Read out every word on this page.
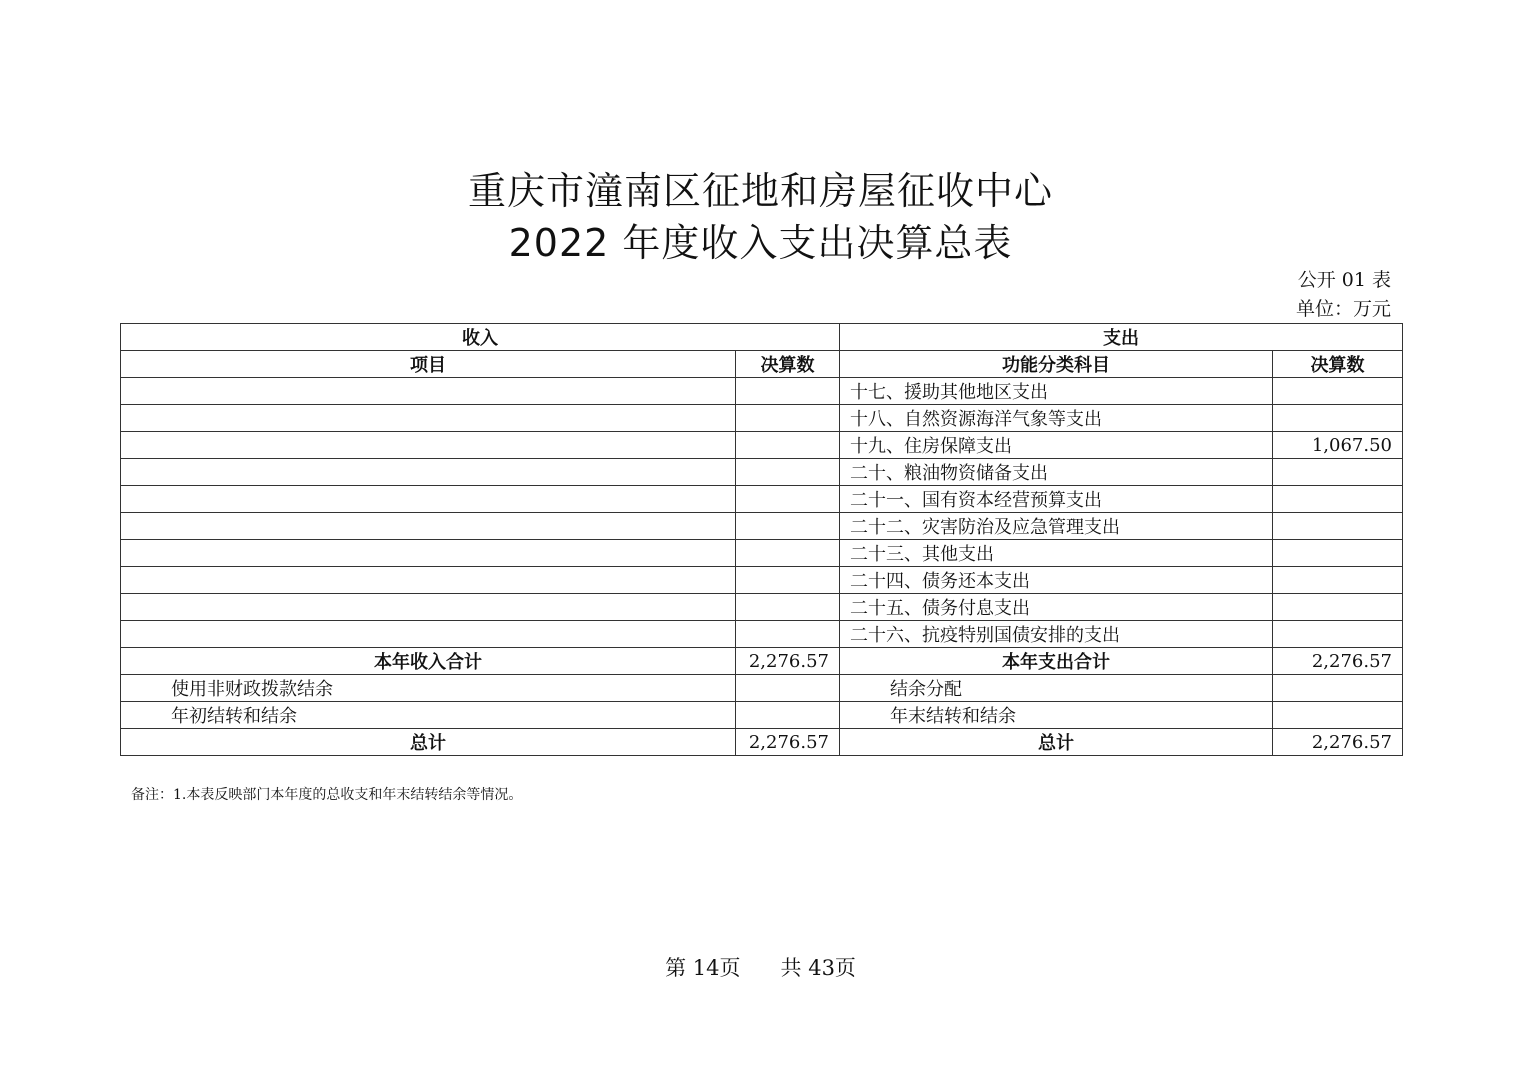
重庆市潼南区征地和房屋征收中心
2022 年度收入支出决算总表
公开 01 表
单位：万元
收入		支出	
项目	决算数	功能分类科目	决算数
		十七、援助其他地区支出	
		十八、自然资源海洋气象等支出	
		十九、住房保障支出	1,067.50
		二十、粮油物资储备支出	
		二十一、国有资本经营预算支出	
		二十二、灾害防治及应急管理支出	
		二十三、其他支出	
		二十四、债务还本支出	
		二十五、债务付息支出	
		二十六、抗疫特别国债安排的支出	
本年收入合计	2,276.57	本年支出合计	2,276.57
使用非财政拨款结余		结余分配	
年初结转和结余		年末结转和结余	
总计	2,276.57	总计	2,276.57
备注：1.本表反映部门本年度的总收支和年末结转结余等情况。
第 14页 共 43页
